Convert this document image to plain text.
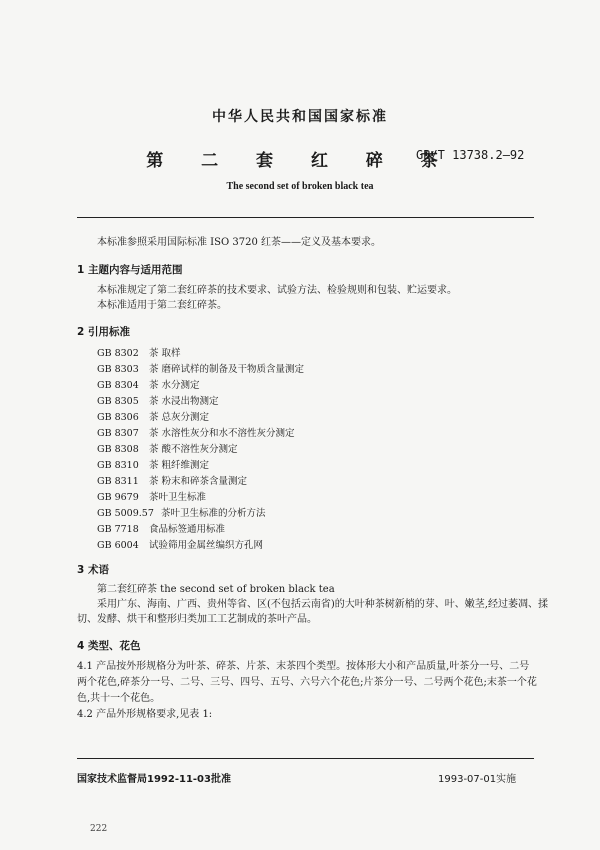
中华人民共和国国家标准
第 二 套 红 碎 茶
GB/T 13738.2—92
The second set of broken black tea
本标准参照采用国际标准 ISO 3720 红茶——定义及基本要求。
1 主题内容与适用范围
本标准规定了第二套红碎茶的技术要求、试验方法、检验规则和包装、贮运要求。
本标准适用于第二套红碎茶。
2 引用标准
GB 8302 茶 取样
GB 8303 茶 磨碎试样的制备及干物质含量测定
GB 8304 茶 水分测定
GB 8305 茶 水浸出物测定
GB 8306 茶 总灰分测定
GB 8307 茶 水溶性灰分和水不溶性灰分测定
GB 8308 茶 酸不溶性灰分测定
GB 8310 茶 粗纤维测定
GB 8311 茶 粉末和碎茶含量测定
GB 9679 茶叶卫生标准
GB 5009.57 茶叶卫生标准的分析方法
GB 7718 食品标签通用标准
GB 6004 试验筛用金属丝编织方孔网
3 术语
第二套红碎茶 the second set of broken black tea
采用广东、海南、广西、贵州等省、区(不包括云南省)的大叶种茶树新梢的芽、叶、嫩茎,经过萎凋、揉
切、发酵、烘干和整形归类加工工艺制成的茶叶产品。
4 类型、花色
4.1 产品按外形规格分为叶茶、碎茶、片茶、末茶四个类型。按体形大小和产品质量,叶茶分一号、二号
两个花色,碎茶分一号、二号、三号、四号、五号、六号六个花色;片茶分一号、二号两个花色;末茶一个花
色,共十一个花色。
4.2 产品外形规格要求,见表 1:
国家技术监督局1992-11-03批准	1993-07-01实施
222
